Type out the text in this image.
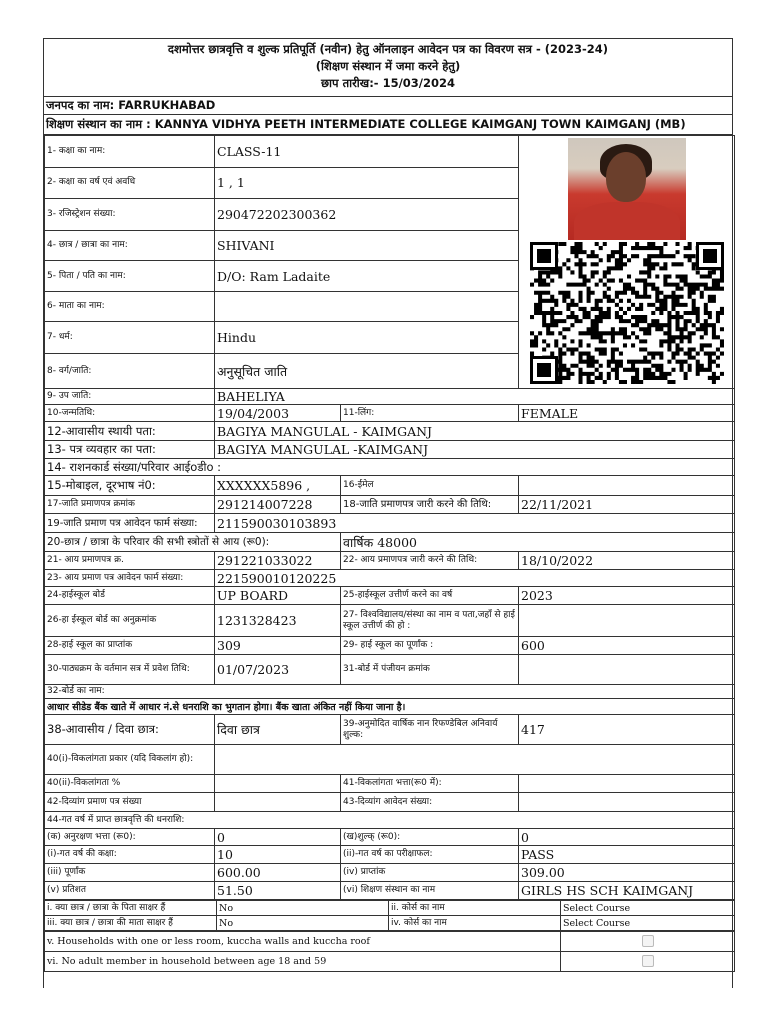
दशमोत्तर छात्रवृत्ति व शुल्क प्रतिपूर्ति (नवीन) हेतु ऑनलाइन आवेदन पत्र का विवरण सत्र - (2023-24)
(शिक्षण संस्थान में जमा करने हेतु)
छाप तारीख:- 15/03/2024
जनपद का नाम: FARRUKHABAD
शिक्षण संस्थान का नाम : KANNYA VIDHYA PEETH INTERMEDIATE COLLEGE KAIMGANJ TOWN KAIMGANJ (MB)
1- कक्षा का नाम:	CLASS-11	

2- कक्षा का वर्ष एवं अवधि	1 , 1		
3- रजिस्ट्रेशन संख्या:	290472202300362		
4- छात्र / छात्रा का नाम:	SHIVANI		
5- पिता / पति का नाम:	D/O: Ram Ladaite		
6- माता का नाम:			
7- धर्म:	Hindu		
8- वर्ग/जाति:	अनुसूचित जाति		
9- उप जाति:	BAHELIYA		
10-जन्मतिथि:	19/04/2003	11-लिंग:	FEMALE
12-आवासीय स्थायी पता:	BAGIYA MANGULAL - KAIMGANJ		
13- पत्र व्यवहार का पता:	BAGIYA MANGULAL -KAIMGANJ		
14- राशनकार्ड संख्या/परिवार आईoडीo :			
15-मोबाइल, दूरभाष नं0:	XXXXXX5896 ,	16-ईमेल	
17-जाति प्रमाणपत्र क्रमांक	291214007228	18-जाति प्रमाणपत्र जारी करने की तिथि:	22/11/2021
19-जाति प्रमाण पत्र आवेदन फार्म संख्या:	211590030103893		
20-छात्र / छात्रा के परिवार की सभी स्त्रोतों से आय (रू0):		वार्षिक 48000	
21- आय प्रमाणपत्र क्र.	291221033022	22- आय प्रमाणपत्र जारी करने की तिथि:	18/10/2022
23- आय प्रमाण पत्र आवेदन फार्म संख्या:	221590010120225		
24-हाईस्कूल बोर्ड	UP BOARD	25-हाईस्कूल उत्तीर्ण करने का वर्ष	2023
26-हा ईस्कूल बोर्ड का अनुक्रमांक	1231328423	27- विश्वविद्यालय/संस्था का नाम व पता,जहाँ से हाई स्कूल उत्तीर्ण की हो :	
28-हाई स्कूल का प्राप्तांक	309	29- हाई स्कूल का पूर्णांक :	600
30-पाठ्यक्रम के वर्तमान सत्र में प्रवेश तिथि:	01/07/2023	31-बोर्ड में पंजीयन क्रमांक	
32-बोर्ड का नाम:			
आधार सीडेड बैंक खाते में आधार नं.से धनराशि का भुगतान होगा। बैंक खाता अंकित नहीं किया जाना है।			
38-आवासीय / दिवा छात्र:	दिवा छात्र	39-अनुमोदित वार्षिक नान रिफण्डेबिल अनिवार्य शुल्क:	417
40(i)-विकलांगता प्रकार (यदि विकलांग हो):			
40(ii)-विकलांगता %		41-विकलांगता भत्ता(रू0 में):	
42-दिव्यांग प्रमाण पत्र संख्या		43-दिव्यांग आवेदन संख्या:	
44-गत वर्ष में प्राप्त छात्रवृत्ति की धनराशि:			
(क) अनुरक्षण भत्ता (रू0):	0	(ख)शुल्क् (रू0):	0
(i)-गत वर्ष की कक्षा:	10	(ii)-गत वर्ष का परीक्षाफल:	PASS
(iii) पूर्णांक	600.00	(iv) प्राप्तांक	309.00
(v) प्रतिशत	51.50	(vi) शिक्षण संस्थान का नाम	GIRLS HS SCH KAIMGANJ
i. क्या छात्र / छात्रा के पिता साक्षर हैं	No	ii. कोर्स का नाम	Select Course
iii. क्या छात्र / छात्रा की माता साक्षर हैं	No	iv. कोर्स का नाम	Select Course
v. Households with one or less room, kuccha walls and kuccha roof	
vi. No adult member in household between age 18 and 59	
